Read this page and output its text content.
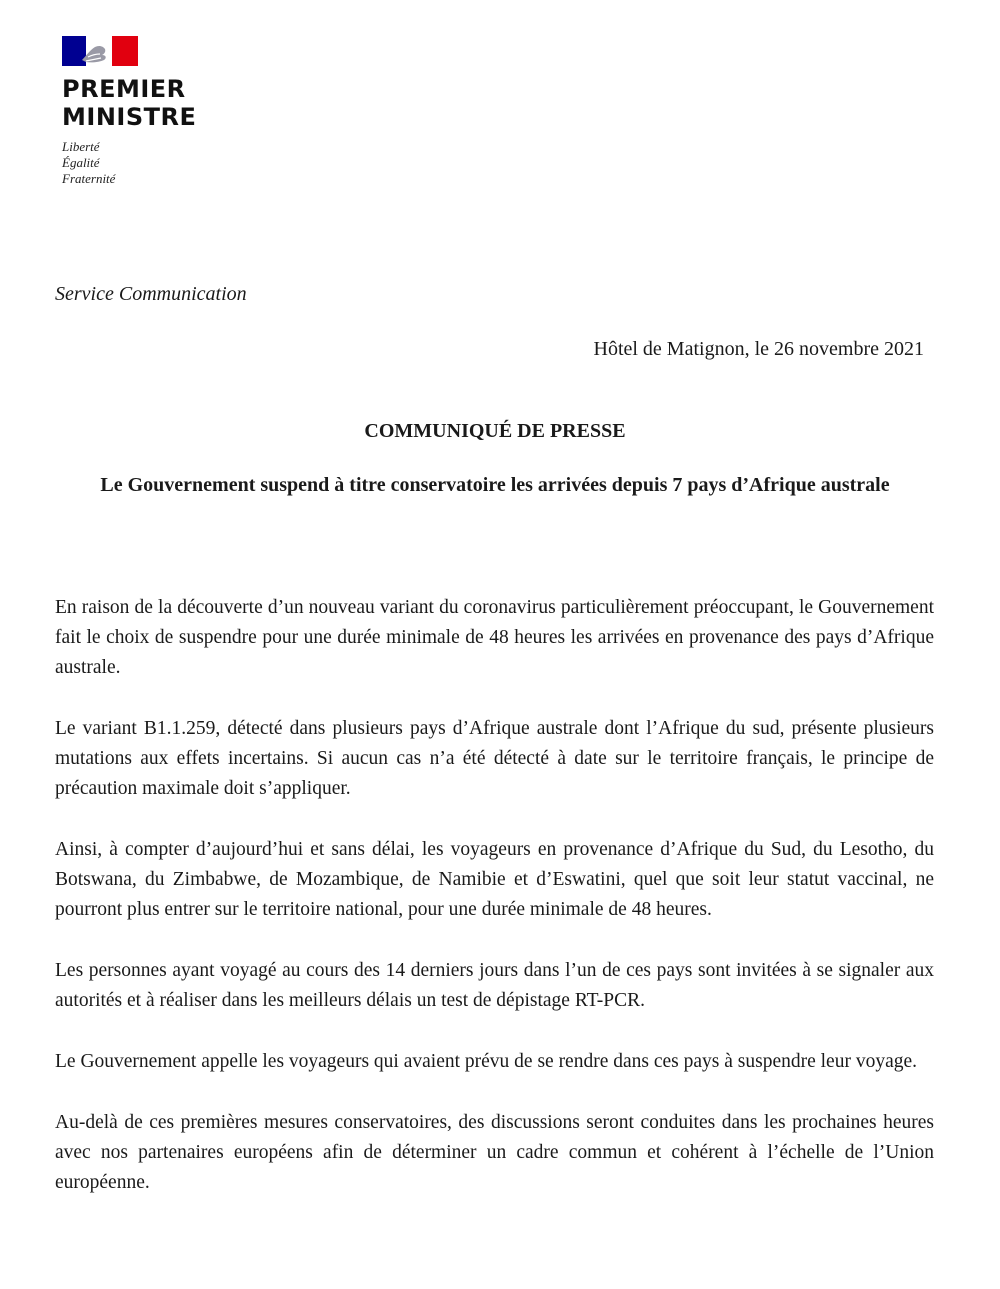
PREMIER
MINISTRE
Liberté
Égalité
Fraternité
Service Communication
Hôtel de Matignon, le 26 novembre 2021
COMMUNIQUÉ DE PRESSE
Le Gouvernement suspend à titre conservatoire les arrivées depuis 7 pays d’Afrique australe

En raison de la découverte d’un nouveau variant du coronavirus particulièrement préoccupant, le Gouvernement fait le choix de suspendre pour une durée minimale de 48 heures les arrivées en provenance des pays d’Afrique australe.

Le variant B1.1.259, détecté dans plusieurs pays d’Afrique australe dont l’Afrique du sud, présente plusieurs mutations aux effets incertains. Si aucun cas n’a été détecté à date sur le territoire français, le principe de précaution maximale doit s’appliquer.

Ainsi, à compter d’aujourd’hui et sans délai, les voyageurs en provenance d’Afrique du Sud, du Lesotho, du Botswana, du Zimbabwe, de Mozambique, de Namibie et d’Eswatini, quel que soit leur statut vaccinal, ne pourront plus entrer sur le territoire national, pour une durée minimale de 48 heures.

Les personnes ayant voyagé au cours des 14 derniers jours dans l’un de ces pays sont invitées à se signaler aux autorités et à réaliser dans les meilleurs délais un test de dépistage RT-PCR.

Le Gouvernement appelle les voyageurs qui avaient prévu de se rendre dans ces pays à suspendre leur voyage.

Au-delà de ces premières mesures conservatoires, des discussions seront conduites dans les prochaines heures avec nos partenaires européens afin de déterminer un cadre commun et cohérent à l’échelle de l’Union européenne.
